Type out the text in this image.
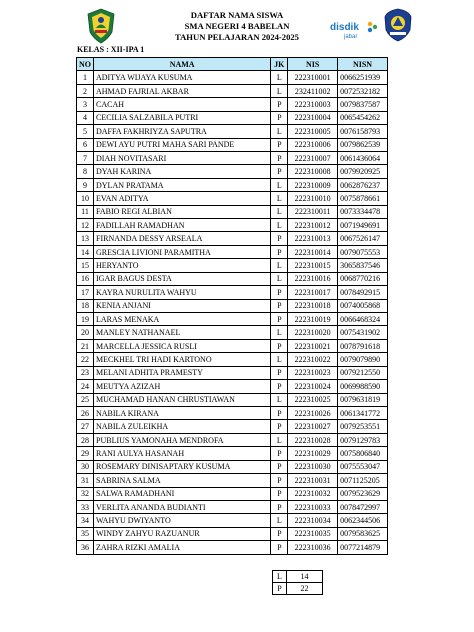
disdik
jabar
DAFTAR NAMA SISWA
SMA NEGERI 4 BABELAN
TAHUN PELAJARAN 2024-2025
KELAS : XII-IPA 1
NO	NAMA	JK	NIS	NISN
1	ADITYA WIJAYA KUSUMA	L	222310001	0066251939
2	AHMAD FAJRIAL AKBAR	L	232411002	0072532182
3	CACAH	P	222310003	0079837587
4	CECILIA SALZABILA PUTRI	P	222310004	0065454262
5	DAFFA FAKHRIYZA SAPUTRA	L	222310005	0076158793
6	DEWI AYU PUTRI MAHA SARI PANDE	P	222310006	0079862539
7	DIAH NOVITASARI	P	222310007	0061436064
8	DYAH KARINA	P	222310008	0079920925
9	DYLAN PRATAMA	L	222310009	0062876237
10	EVAN ADITYA	L	222310010	0075878661
11	FABIO REGI ALBIAN	L	222310011	0073334478
12	FADILLAH RAMADHAN	L	222310012	0071949691
13	FIRNANDA DESSY ARSEALA	P	222310013	0067526147
14	GRESCIA LIVIONI PARAMITHA	P	222310014	0079075553
15	HERYANTO	L	222310015	3065837546
16	IGAR BAGUS DESTA	L	222310016	0068770216
17	KAYRA NURULITA WAHYU	P	222310017	0078492915
18	KENIA ANJANI	P	222310018	0074005868
19	LARAS MENAKA	P	222310019	0066468324
20	MANLEY NATHANAEL	L	222310020	0075431902
21	MARCELLA JESSICA RUSLI	P	222310021	0078791618
22	MECKHEL TRI HADI KARTONO	L	222310022	0079079890
23	MELANI ADHITA PRAMESTY	P	222310023	0079212550
24	MEUTYA AZIZAH	P	222310024	0069988590
25	MUCHAMAD HANAN CHRUSTIAWAN	L	222310025	0079631819
26	NABILA KIRANA	P	222310026	0061341772
27	NABILA ZULEIKHA	P	222310027	0079253551
28	PUBLIUS YAMONAHA MENDROFA	L	222310028	0079129783
29	RANI AULYA HASANAH	P	222310029	0075806840
30	ROSEMARY DINISAPTARY KUSUMA	P	222310030	0075553047
31	SABRINA SALMA	P	222310031	0071125205
32	SALWA RAMADHANI	P	222310032	0079523629
33	VERLITA ANANDA BUDIANTI	P	222310033	0078472997
34	WAHYU DWIYANTO	L	222310034	0062344506
35	WINDY ZAHYU RAZUANUR	P	222310035	0079583625
36	ZAHRA RIZKI AMALIA	P	222310036	0077214879
L	14
P	22
